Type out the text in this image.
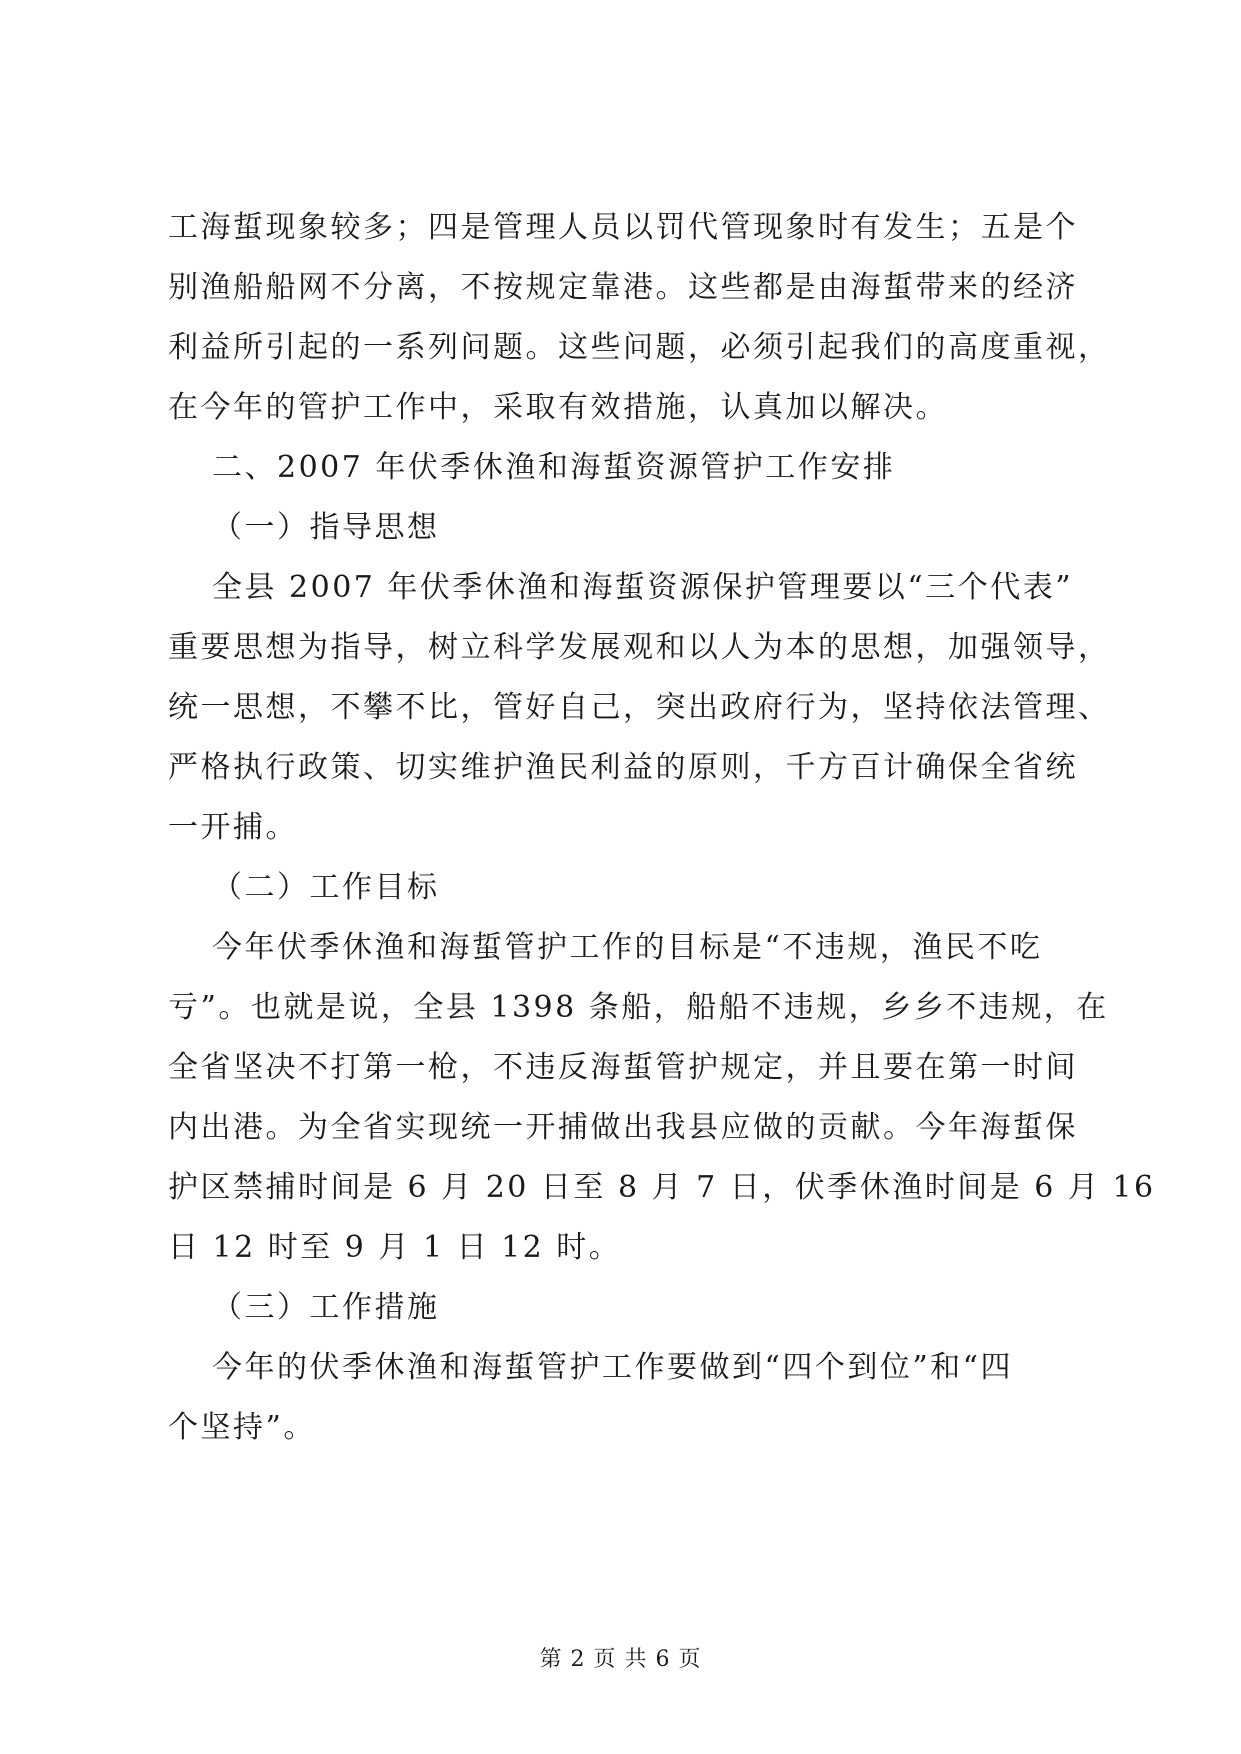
工海蜇现象较多；四是管理人员以罚代管现象时有发生；五是个
别渔船船网不分离，不按规定靠港。这些都是由海蜇带来的经济
利益所引起的一系列问题。这些问题，必须引起我们的高度重视，
在今年的管护工作中，采取有效措施，认真加以解决。
二、2007 年伏季休渔和海蜇资源管护工作安排
（一）指导思想
全县 2007 年伏季休渔和海蜇资源保护管理要以“三个代表”
重要思想为指导，树立科学发展观和以人为本的思想，加强领导，
统一思想，不攀不比，管好自己，突出政府行为，坚持依法管理、
严格执行政策、切实维护渔民利益的原则，千方百计确保全省统
一开捕。
（二）工作目标
今年伏季休渔和海蜇管护工作的目标是“不违规，渔民不吃
亏”。也就是说，全县 1398 条船，船船不违规，乡乡不违规，在
全省坚决不打第一枪，不违反海蜇管护规定，并且要在第一时间
内出港。为全省实现统一开捕做出我县应做的贡献。今年海蜇保
护区禁捕时间是 6 月 20 日至 8 月 7 日，伏季休渔时间是 6 月 16
日 12 时至 9 月 1 日 12 时。
（三）工作措施
今年的伏季休渔和海蜇管护工作要做到“四个到位”和“四
个坚持”。
第 2 页 共 6 页
